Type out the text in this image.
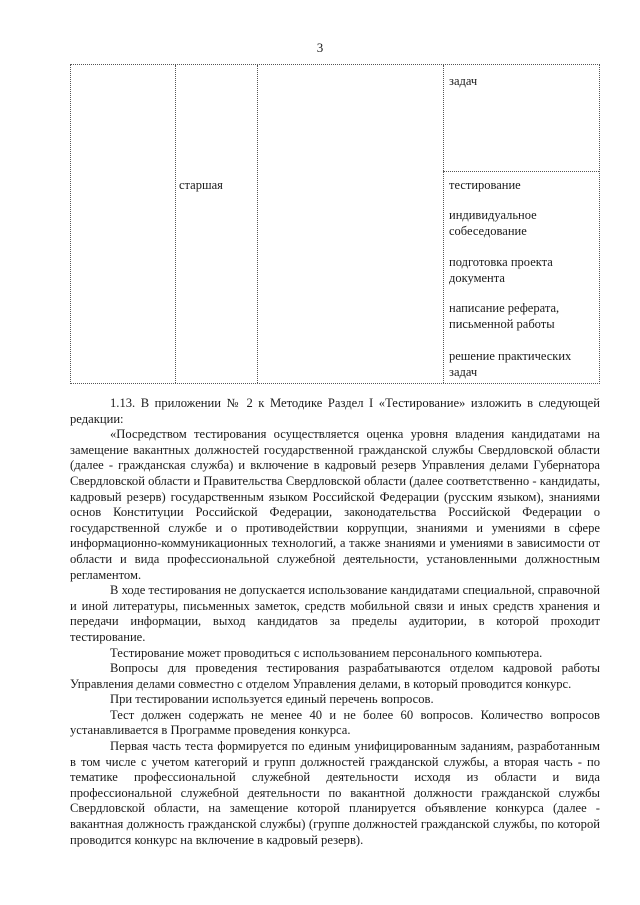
3
задач
старшая	тестирование
индивидуальное собеседование
подготовка проекта документа
написание реферата, письменной работы
решение практических задач

1.13. В приложении № 2 к Методике Раздел I «Тестирование» изложить в следующей редакции:

«Посредством тестирования осуществляется оценка уровня владения кандидатами на замещение вакантных должностей государственной гражданской службы Свердловской области (далее - гражданская служба) и включение в кадровый резерв Управления делами Губернатора Свердловской области и Правительства Свердловской области (далее соответственно - кандидаты, кадровый резерв) государственным языком Российской Федерации (русским языком), знаниями основ Конституции Российской Федерации, законодательства Российской Федерации о государственной службе и о противодействии коррупции, знаниями и умениями в сфере информационно-коммуникационных технологий, а также знаниями и умениями в зависимости от области и вида профессиональной служебной деятельности, установленными должностным регламентом.

В ходе тестирования не допускается использование кандидатами специальной, справочной и иной литературы, письменных заметок, средств мобильной связи и иных средств хранения и передачи информации, выход кандидатов за пределы аудитории, в которой проходит тестирование.

Тестирование может проводиться с использованием персонального компьютера.

Вопросы для проведения тестирования разрабатываются отделом кадровой работы Управления делами совместно с отделом Управления делами, в который проводится конкурс.

При тестировании используется единый перечень вопросов.

Тест должен содержать не менее 40 и не более 60 вопросов. Количество вопросов устанавливается в Программе проведения конкурса.

Первая часть теста формируется по единым унифицированным заданиям, разработанным в том числе с учетом категорий и групп должностей гражданской службы, а вторая часть - по тематике профессиональной служебной деятельности исходя из области и вида профессиональной служебной деятельности по вакантной должности гражданской службы Свердловской области, на замещение которой планируется объявление конкурса (далее - вакантная должность гражданской службы) (группе должностей гражданской службы, по которой проводится конкурс на включение в кадровый резерв).
